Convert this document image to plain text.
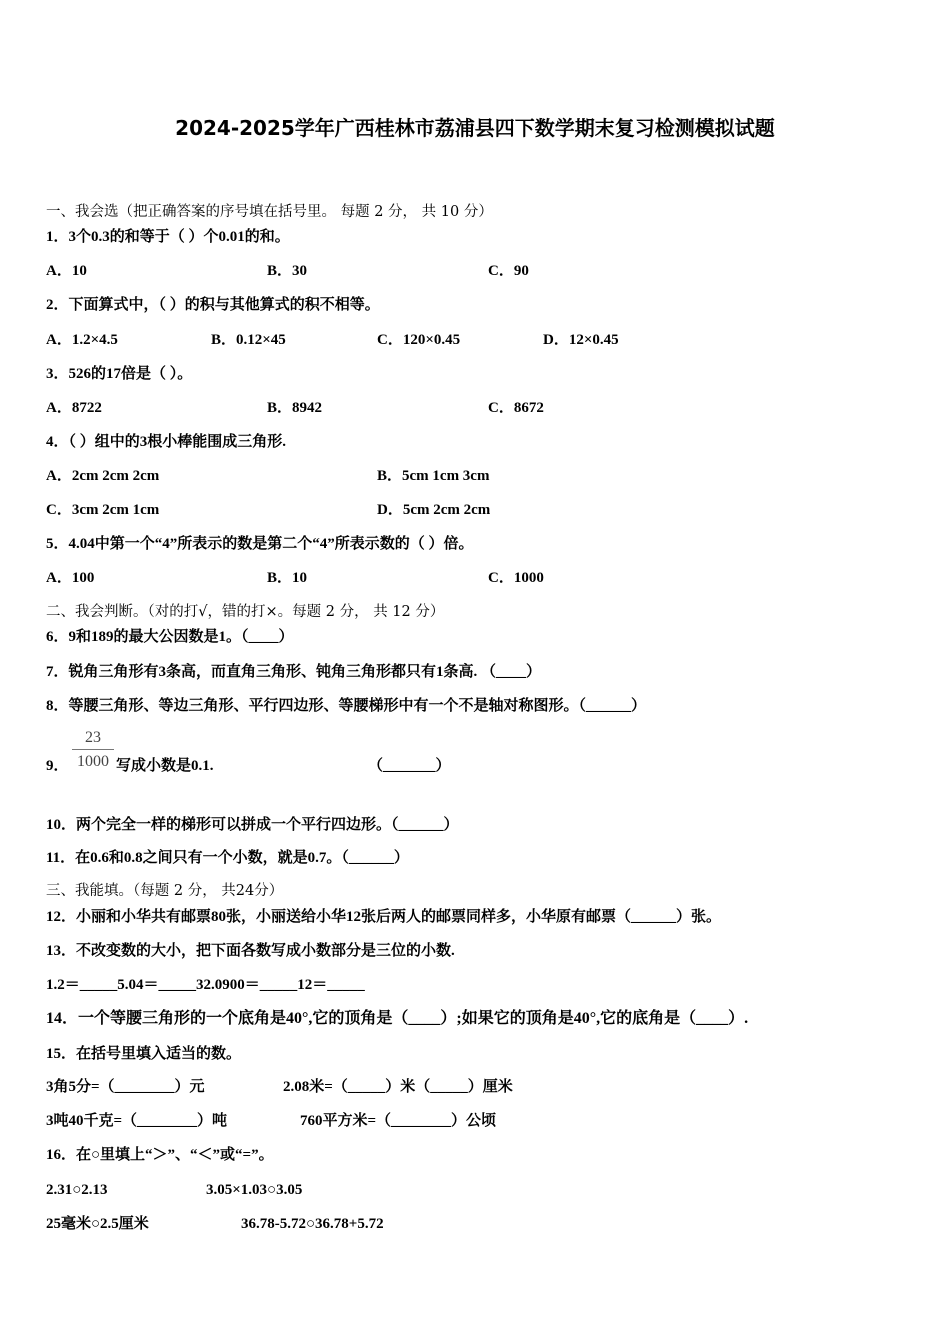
2024-2025学年广西桂林市荔浦县四下数学期末复习检测模拟试题
一、我会选（把正确答案的序号填在括号里。 每题 2 分， 共 10 分）
1．3个0.3的和等于（ ）个0.01的和。
A．10	B．30	C．90
2．下面算式中，（ ）的积与其他算式的积不相等。
A．1.2×4.5	B．0.12×45	C．120×0.45	D．12×0.45
3．526的17倍是（ ）。
A．8722	B．8942	C．8672
4．（ ）组中的3根小棒能围成三角形.
A．2cm 2cm 2cm	B．5cm 1cm 3cm
C．3cm 2cm 1cm	D．5cm 2cm 2cm
5．4.04中第一个“4”所表示的数是第二个“4”所表示数的（ ）倍。
A．100	B．10	C．1000
二、我会判断。（对的打√，错的打×。每题 2 分， 共 12 分）
6．9和189的最大公因数是1。（____）
7．锐角三角形有3条高，而直角三角形、钝角三角形都只有1条高. （____）
8．等腰三角形、等边三角形、平行四边形、等腰梯形中有一个不是轴对称图形。（______）
9． $\frac{23}{1000}$ 写成小数是0.1.	（_______）
10．两个完全一样的梯形可以拼成一个平行四边形。（______）
11．在0.6和0.8之间只有一个小数，就是0.7。（______）
三、我能填。（每题 2 分， 共24分）
12．小丽和小华共有邮票80张，小丽送给小华12张后两人的邮票同样多，小华原有邮票（______）张。
13．不改变数的大小，把下面各数写成小数部分是三位的小数.
1.2＝_____5.04＝_____32.0900＝_____12＝_____
14．一个等腰三角形的一个底角是40°,它的顶角是（____）;如果它的顶角是40°,它的底角是（____）.
15．在括号里填入适当的数。
3角5分=（________）元	2.08米=（_____）米（_____）厘米
3吨40千克=（________）吨	760平方米=（________）公顷
16．在○里填上“＞”、“＜”或“=”。
2.31○2.13	3.05×1.03○3.05
25毫米○2.5厘米	36.78-5.72○36.78+5.72
